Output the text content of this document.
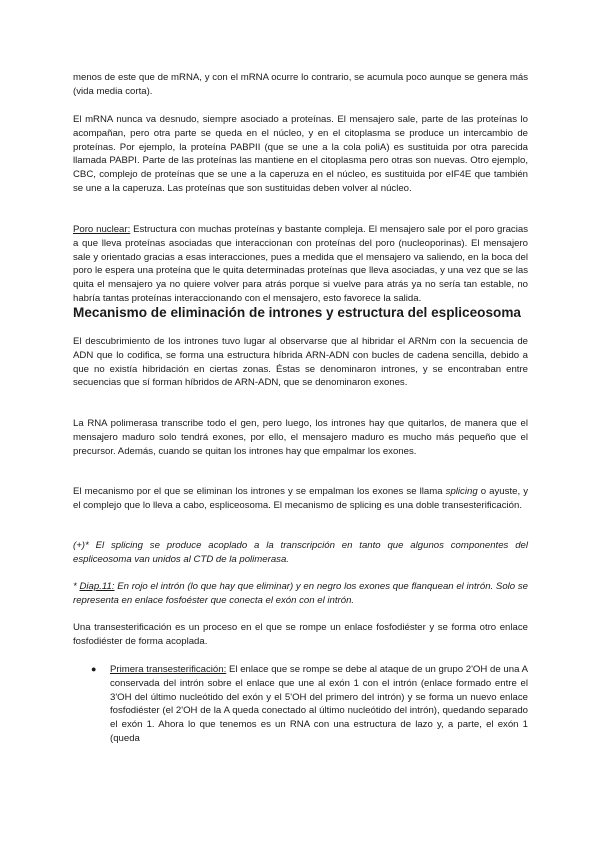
menos de este que de mRNA, y con el mRNA ocurre lo contrario, se acumula poco aunque se genera más (vida media corta).

El mRNA nunca va desnudo, siempre asociado a proteínas. El mensajero sale, parte de las proteínas lo acompañan, pero otra parte se queda en el núcleo, y en el citoplasma se produce un intercambio de proteínas. Por ejemplo, la proteína PABPII (que se une a la cola poliA) es sustituida por otra parecida llamada PABPI. Parte de las proteínas las mantiene en el citoplasma pero otras son nuevas. Otro ejemplo, CBC, complejo de proteínas que se une a la caperuza en el núcleo, es sustituida por eIF4E que también se une a la caperuza. Las proteínas que son sustituidas deben volver al núcleo.

Poro nuclear: Estructura con muchas proteínas y bastante compleja. El mensajero sale por el poro gracias a que lleva proteínas asociadas que interaccionan con proteínas del poro (nucleoporinas). El mensajero sale y orientado gracias a esas interacciones, pues a medida que el mensajero va saliendo, en la boca del poro le espera una proteína que le quita determinadas proteínas que lleva asociadas, y una vez que se las quita el mensajero ya no quiere volver para atrás porque si vuelve para atrás ya no sería tan estable, no habría tantas proteínas interaccionando con el mensajero, esto favorece la salida.

Mecanismo de eliminación de intrones y estructura del espliceosoma

El descubrimiento de los intrones tuvo lugar al observarse que al hibridar el ARNm con la secuencia de ADN que lo codifica, se forma una estructura híbrida ARN-ADN con bucles de cadena sencilla, debido a que no existía hibridación en ciertas zonas. Éstas se denominaron intrones, y se encontraban entre secuencias que sí forman híbridos de ARN-ADN, que se denominaron exones.

La RNA polimerasa transcribe todo el gen, pero luego, los intrones hay que quitarlos, de manera que el mensajero maduro solo tendrá exones, por ello, el mensajero maduro es mucho más pequeño que el precursor. Además, cuando se quitan los intrones hay que empalmar los exones.

El mecanismo por el que se eliminan los intrones y se empalman los exones se llama splicing o ayuste, y el complejo que lo lleva a cabo, espliceosoma. El mecanismo de splicing es una doble transesterificación.

(+)* El splicing se produce acoplado a la transcripción en tanto que algunos componentes del espliceosoma van unidos al CTD de la polimerasa.

* Diap.11: En rojo el intrón (lo que hay que eliminar) y en negro los exones que flanquean el intrón. Solo se representa en enlace fosfoéster que conecta el exón con el intrón.

Una transesterificación es un proceso en el que se rompe un enlace fosfodiéster y se forma otro enlace fosfodiéster de forma acoplada.

● Primera transesterificación: El enlace que se rompe se debe al ataque de un grupo 2'OH de una A conservada del intrón sobre el enlace que une al exón 1 con el intrón (enlace formado entre el 3'OH del último nucleótido del exón y el 5'OH del primero del intrón) y se forma un nuevo enlace fosfodiéster (el 2'OH de la A queda conectado al último nucleótido del intrón), quedando separado el exón 1. Ahora lo que tenemos es un RNA con una estructura de lazo y, a parte, el exón 1 (queda
